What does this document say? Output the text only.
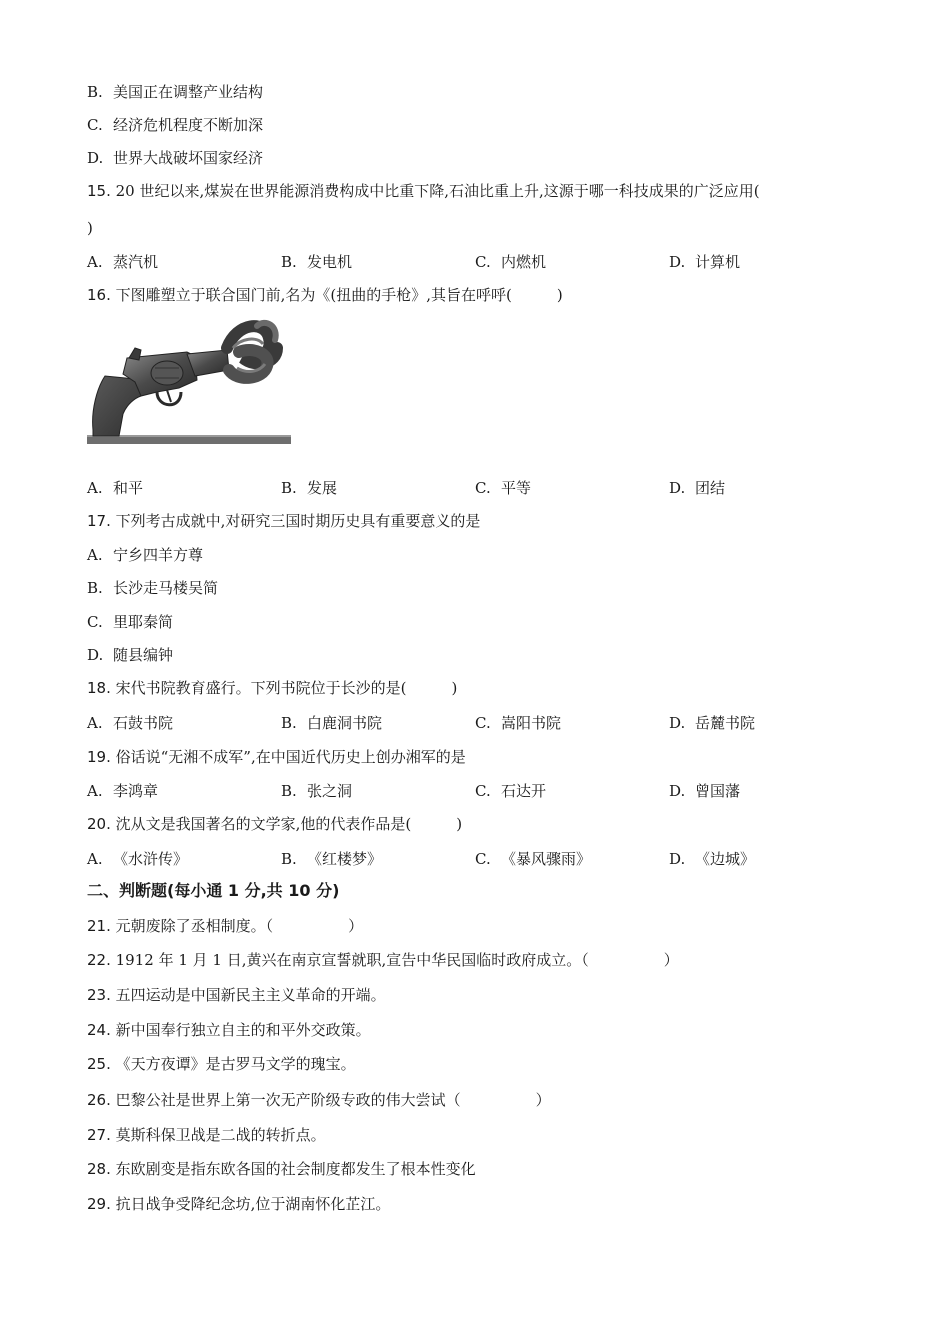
B. 美国正在调整产业结构
C. 经济危机程度不断加深
D. 世界大战破坏国家经济
15. 20 世纪以来,煤炭在世界能源消费构成中比重下降,石油比重上升,这源于哪一科技成果的广泛应用(
)
A. 蒸汽机	B. 发电机	C. 内燃机	D. 计算机
16. 下图雕塑立于联合国门前,名为《(扭曲的手枪》,其旨在呼呼(　　　)
A. 和平	B. 发展	C. 平等	D. 团结
17. 下列考古成就中,对研究三国时期历史具有重要意义的是
A. 宁乡四羊方尊
B. 长沙走马楼吴简
C. 里耶秦简
D. 随县编钟
18. 宋代书院教育盛行。下列书院位于长沙的是(　　　)
A. 石鼓书院	B. 白鹿洞书院	C. 嵩阳书院	D. 岳麓书院
19. 俗话说“无湘不成军”,在中国近代历史上创办湘军的是
A. 李鸿章	B. 张之洞	C. 石达开	D. 曾国藩
20. 沈从文是我国著名的文学家,他的代表作品是(　　　)
A. 《水浒传》	B. 《红楼梦》	C. 《暴风骤雨》	D. 《边城》
二、判断题(每小通 1 分,共 10 分)
21. 元朝废除了丞相制度。（　　　　　）
22. 1912 年 1 月 1 日,黄兴在南京宣誓就职,宣告中华民国临时政府成立。（　　　　　）
23. 五四运动是中国新民主主义革命的开端。
24. 新中国奉行独立自主的和平外交政策。
25. 《天方夜谭》是古罗马文学的瑰宝。
26. 巴黎公社是世界上第一次无产阶级专政的伟大尝试（　　　　　）
27. 莫斯科保卫战是二战的转折点。
28. 东欧剧变是指东欧各国的社会制度都发生了根本性变化
29. 抗日战争受降纪念坊,位于湖南怀化芷江。
